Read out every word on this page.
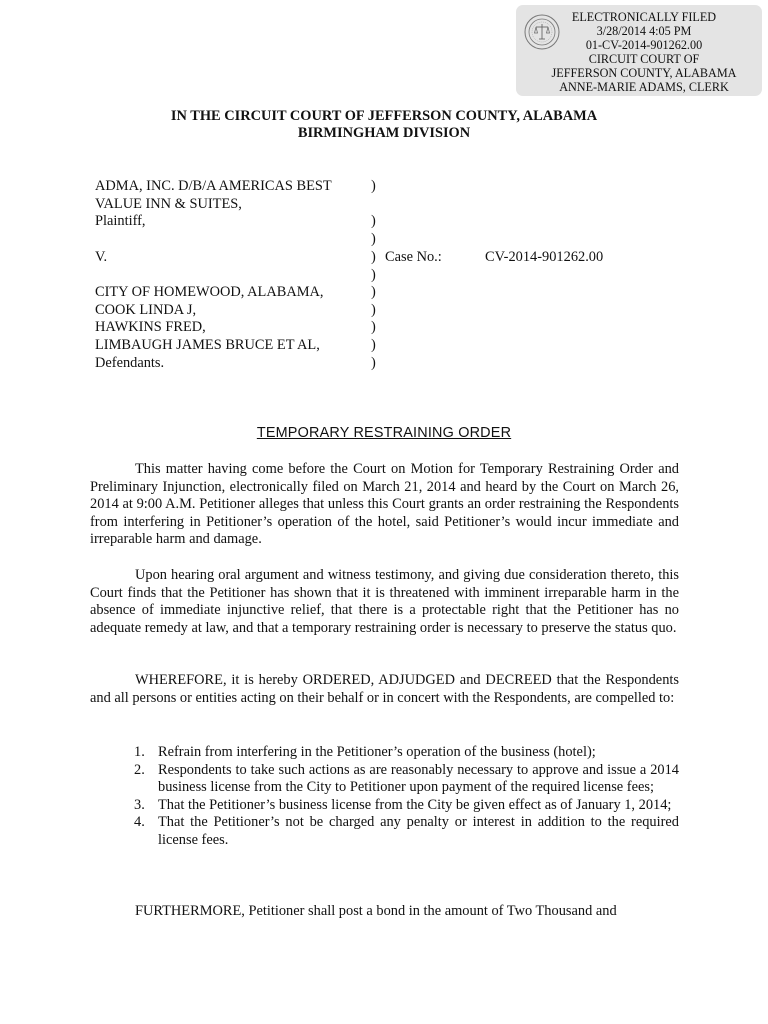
ELECTRONICALLY FILED
3/28/2014 4:05 PM
01-CV-2014-901262.00
CIRCUIT COURT OF
JEFFERSON COUNTY, ALABAMA
ANNE-MARIE ADAMS, CLERK
IN THE CIRCUIT COURT OF JEFFERSON COUNTY, ALABAMA
BIRMINGHAM DIVISION
ADMA, INC. D/B/A AMERICAS BEST
VALUE INN & SUITES,
Plaintiff,
V.
CITY OF HOMEWOOD, ALABAMA,
COOK LINDA J,
HAWKINS FRED,
LIMBAUGH JAMES BRUCE ET AL,
Defendants.
)
)
)
)
)
)
)
)
)
)
Case No.:	CV-2014-901262.00
TEMPORARY RESTRAINING ORDER

This matter having come before the Court on Motion for Temporary Restraining Order and Preliminary Injunction, electronically filed on March 21, 2014 and heard by the Court on March 26, 2014 at 9:00 A.M. Petitioner alleges that unless this Court grants an order restraining the Respondents from interfering in Petitioner’s operation of the hotel, said Petitioner’s would incur immediate and irreparable harm and damage.

Upon hearing oral argument and witness testimony, and giving due consideration thereto, this Court finds that the Petitioner has shown that it is threatened with imminent irreparable harm in the absence of immediate injunctive relief, that there is a protectable right that the Petitioner has no adequate remedy at law, and that a temporary restraining order is necessary to preserve the status quo.

WHEREFORE, it is hereby ORDERED, ADJUDGED and DECREED that the Respondents and all persons or entities acting on their behalf or in concert with the Respondents, are compelled to:

1. Refrain from interfering in the Petitioner’s operation of the business (hotel);
2. Respondents to take such actions as are reasonably necessary to approve and issue a 2014 business license from the City to Petitioner upon payment of the required license fees;
3. That the Petitioner’s business license from the City be given effect as of January 1, 2014;
4. That the Petitioner’s not be charged any penalty or interest in addition to the required license fees.

FURTHERMORE, Petitioner shall post a bond in the amount of Two Thousand and
